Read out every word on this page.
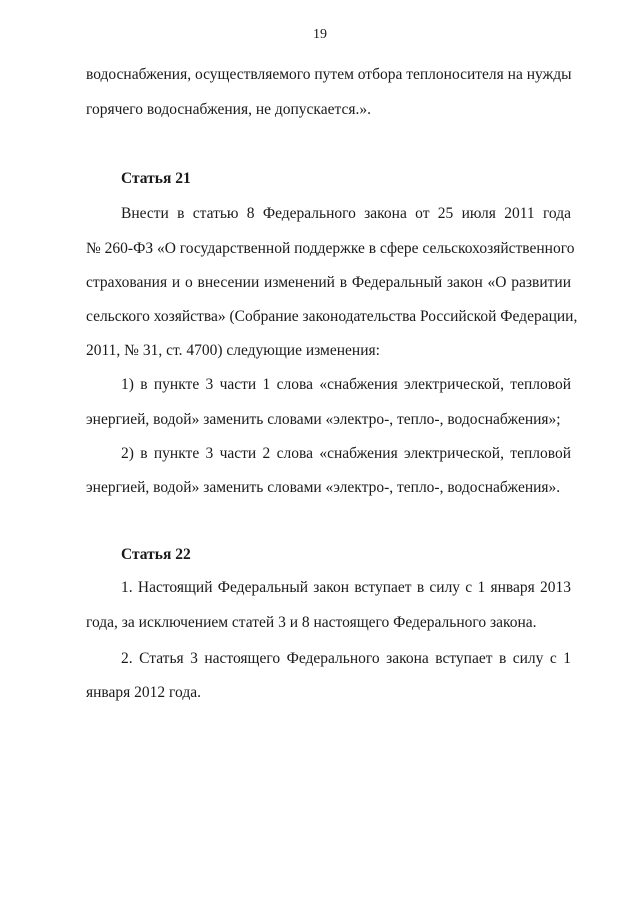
19
водоснабжения, осуществляемого путем отбора теплоносителя на нужды
горячего водоснабжения, не допускается.».
Статья 21
Внести в статью 8 Федерального закона от 25 июля 2011 года
№ 260-ФЗ «О государственной поддержке в сфере сельскохозяйственного
страхования и о внесении изменений в Федеральный закон «О развитии
сельского хозяйства» (Собрание законодательства Российской Федерации,
2011, № 31, ст. 4700) следующие изменения:
1) в пункте 3 части 1 слова «снабжения электрической, тепловой
энергией, водой» заменить словами «электро-, тепло-, водоснабжения»;
2) в пункте 3 части 2 слова «снабжения электрической, тепловой
энергией, водой» заменить словами «электро-, тепло-, водоснабжения».
Статья 22
1. Настоящий Федеральный закон вступает в силу с 1 января 2013
года, за исключением статей 3 и 8 настоящего Федерального закона.
2. Статья 3 настоящего Федерального закона вступает в силу с 1
января 2012 года.
